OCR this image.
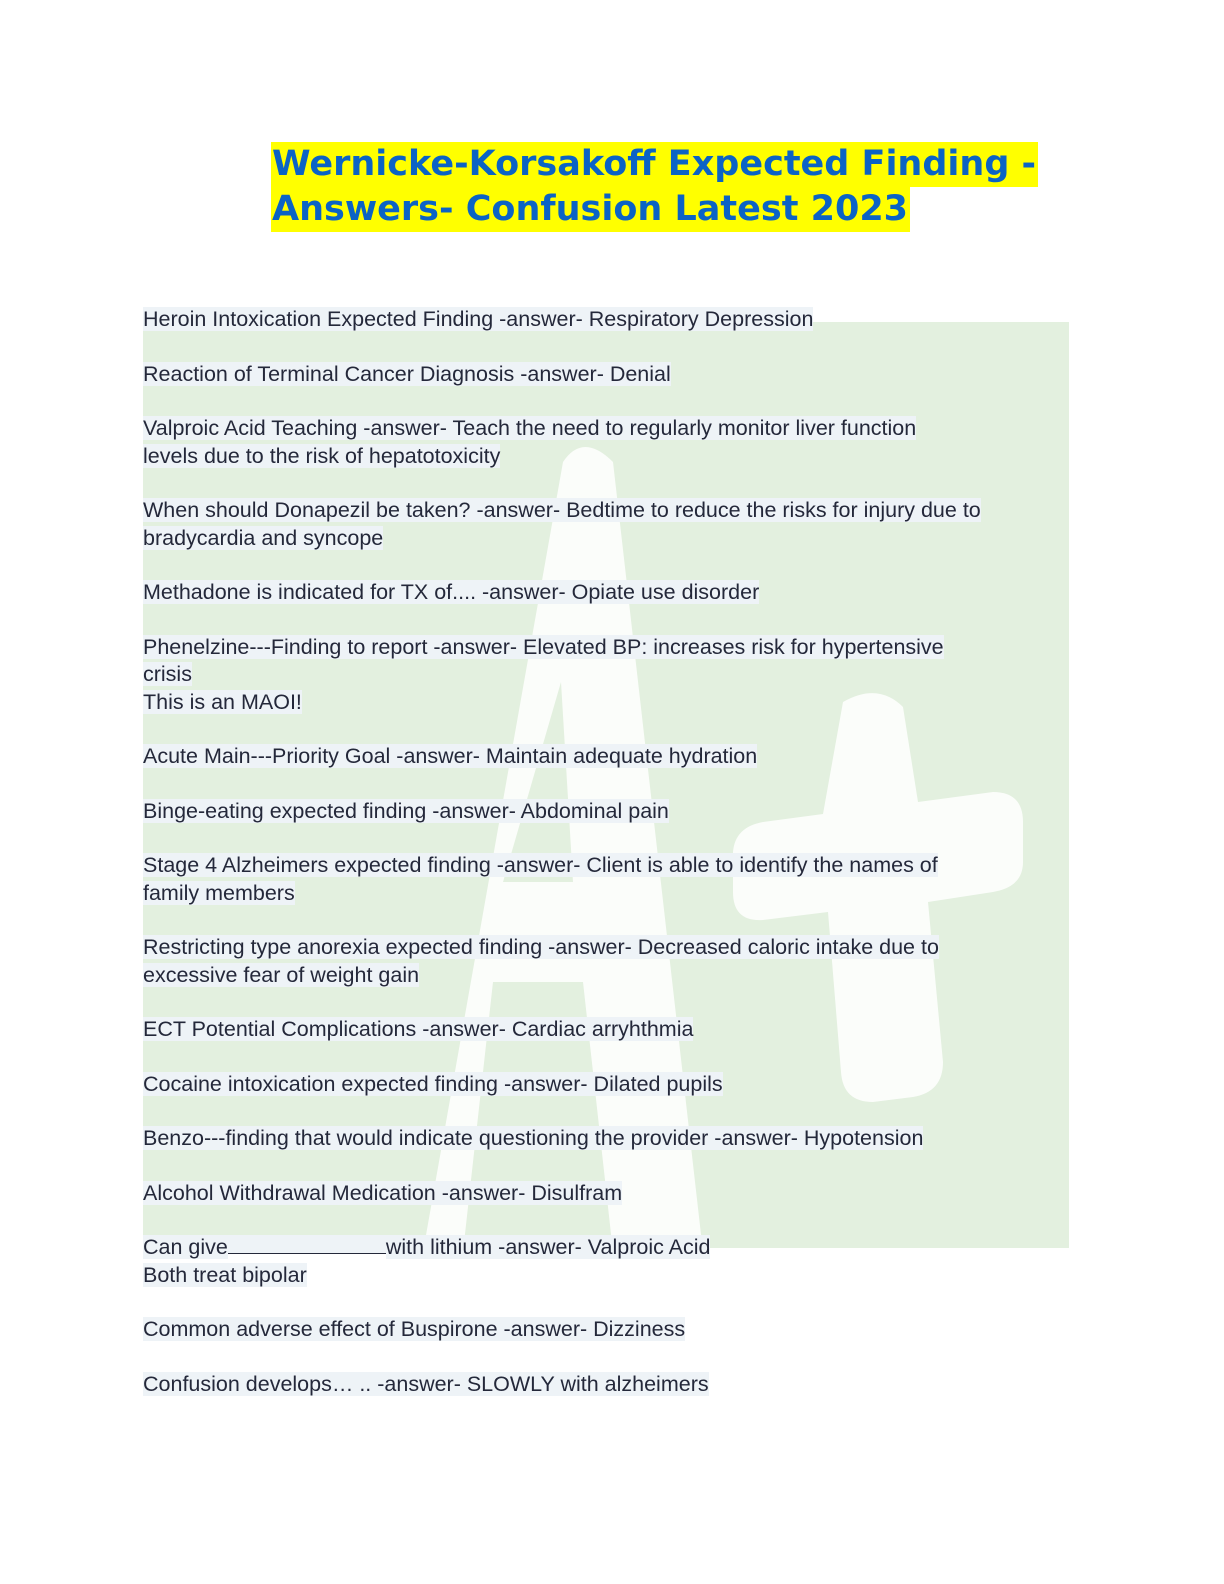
Wernicke-Korsakoff Expected Finding -
Answers- Confusion Latest 2023
Heroin Intoxication Expected Finding -answer- Respiratory Depression
Reaction of Terminal Cancer Diagnosis -answer- Denial
Valproic Acid Teaching -answer- Teach the need to regularly monitor liver function
levels due to the risk of hepatotoxicity
When should Donapezil be taken? -answer- Bedtime to reduce the risks for injury due to
bradycardia and syncope
Methadone is indicated for TX of.... -answer- Opiate use disorder
Phenelzine---Finding to report -answer- Elevated BP: increases risk for hypertensive
crisis
This is an MAOI!
Acute Main---Priority Goal -answer- Maintain adequate hydration
Binge-eating expected finding -answer- Abdominal pain
Stage 4 Alzheimers expected finding -answer- Client is able to identify the names of
family members
Restricting type anorexia expected finding -answer- Decreased caloric intake due to
excessive fear of weight gain
ECT Potential Complications -answer- Cardiac arryhthmia
Cocaine intoxication expected finding -answer- Dilated pupils
Benzo---finding that would indicate questioning the provider -answer- Hypotension
Alcohol Withdrawal Medication -answer- Disulfram
Can give	with lithium -answer- Valproic Acid
Both treat bipolar
Common adverse effect of Buspirone -answer- Dizziness
Confusion develops… .. -answer- SLOWLY with alzheimers
